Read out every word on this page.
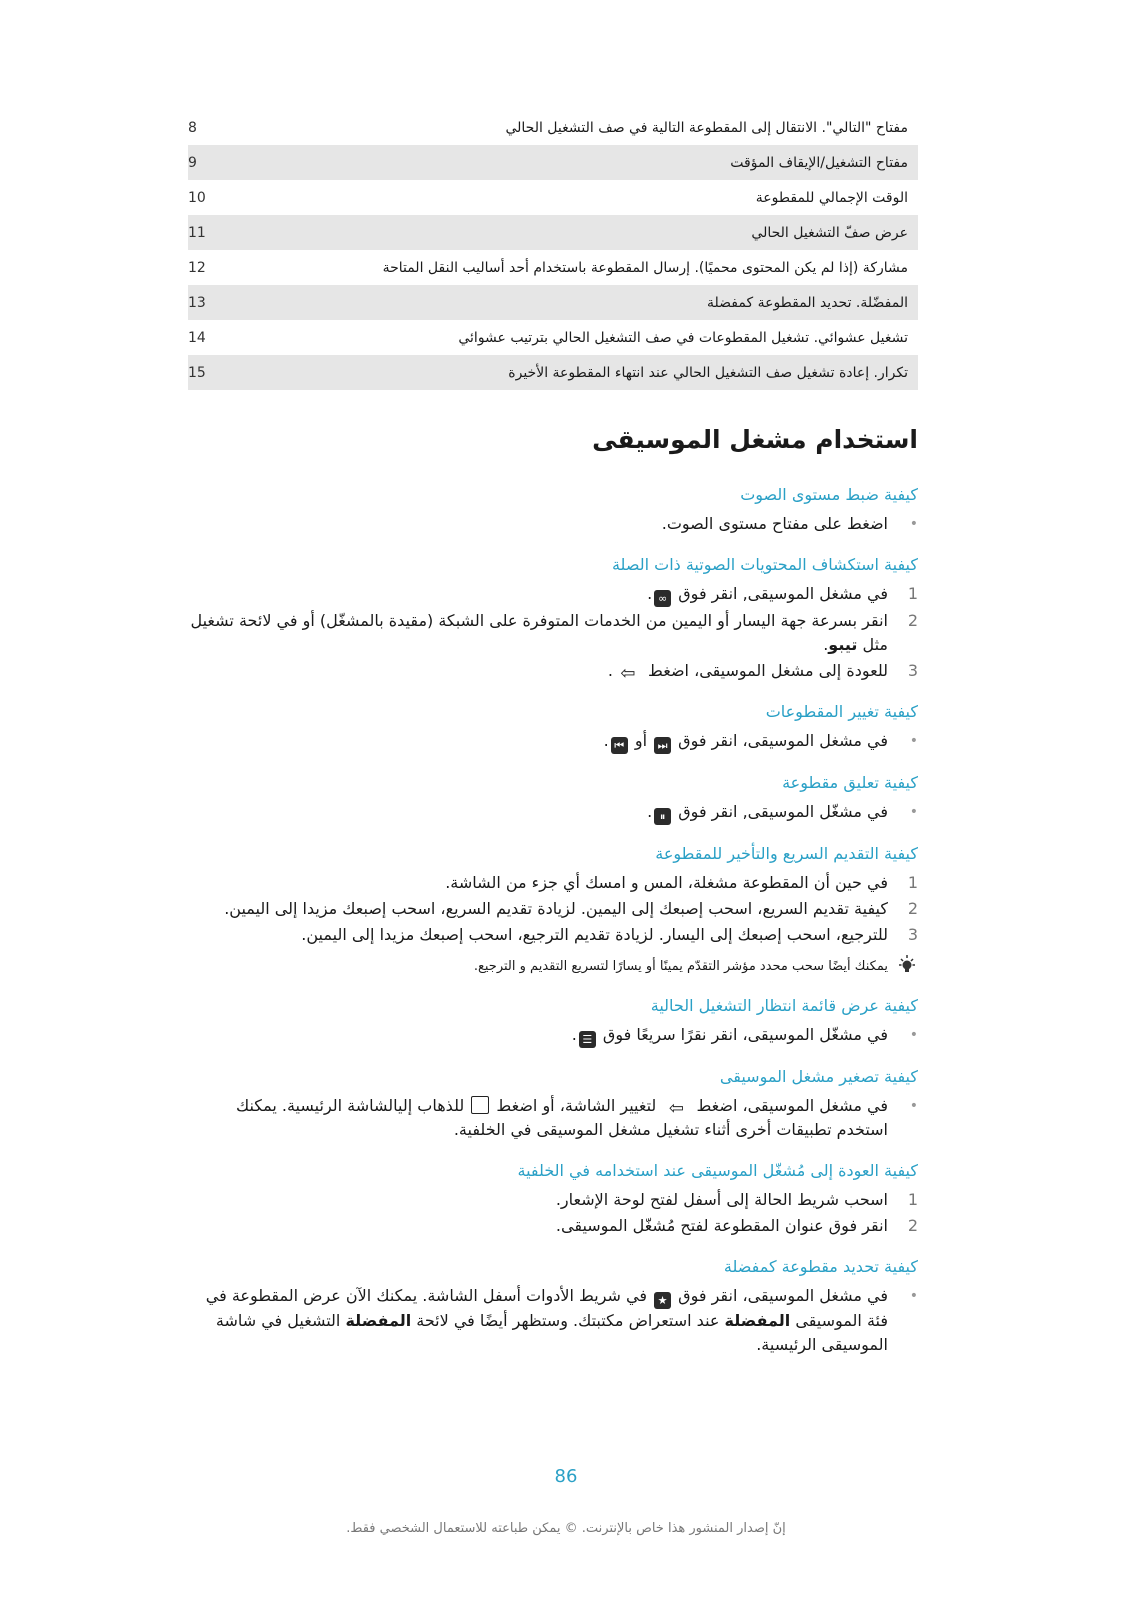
8	مفتاح "التالي". الانتقال إلى المقطوعة التالية في صف التشغيل الحالي
9	مفتاح التشغيل/الإيقاف المؤقت
10	الوقت الإجمالي للمقطوعة
11	عرض صفّ التشغيل الحالي
12	مشاركة (إذا لم يكن المحتوى محميًا). إرسال المقطوعة باستخدام أحد أساليب النقل المتاحة
13	المفضّلة. تحديد المقطوعة كمفضلة
14	تشغيل عشوائي. تشغيل المقطوعات في صف التشغيل الحالي بترتيب عشوائي
15	تكرار. إعادة تشغيل صف التشغيل الحالي عند انتهاء المقطوعة الأخيرة
استخدام مشغل الموسيقى
كيفية ضبط مستوى الصوت
•
اضغط على مفتاح مستوى الصوت.
كيفية استكشاف المحتويات الصوتية ذات الصلة
1
في مشغل الموسيقى, انقر فوق ∞.
2
انقر بسرعة جهة اليسار أو اليمين من الخدمات المتوفرة على الشبكة (مقيدة بالمشغّل) أو في لائحة تشغيل مثل تيبو.
3
للعودة إلى مشغل الموسيقى، اضغط ⇦.
كيفية تغيير المقطوعات
•
في مشغل الموسيقى، انقر فوق ⏭ أو ⏮.
كيفية تعليق مقطوعة
•
في مشغّل الموسيقى, انقر فوق ⏸.
كيفية التقديم السريع والتأخير للمقطوعة
1
في حين أن المقطوعة مشغلة، المس و امسك أي جزء من الشاشة.
2
كيفية تقديم السريع، اسحب إصبعك إلى اليمين. لزيادة تقديم السريع، اسحب إصبعك مزيدا إلى اليمين.
3
للترجيع، اسحب إصبعك إلى اليسار. لزيادة تقديم الترجيع، اسحب إصبعك مزيدا إلى اليمين.
يمكنك أيضًا سحب محدد مؤشر التقدّم يمينًا أو يسارًا لتسريع التقديم و الترجيع.
كيفية عرض قائمة انتظار التشغيل الحالية
•
في مشغّل الموسيقى، انقر نقرًا سريعًا فوق ☰.
كيفية تصغير مشغل الموسيقى
•
في مشغل الموسيقى، اضغط ⇦ لتغيير الشاشة، أو اضغط  للذهاب إليالشاشة الرئيسية. يمكنك استخدم تطبيقات أخرى أثناء تشغيل مشغل الموسيقى في الخلفية.
كيفية العودة إلى مُشغّل الموسيقى عند استخدامه في الخلفية
1
اسحب شريط الحالة إلى أسفل لفتح لوحة الإشعار.
2
انقر فوق عنوان المقطوعة لفتح مُشغّل الموسيقى.
كيفية تحديد مقطوعة كمفضلة
•
في مشغل الموسيقى، انقر فوق ★ في شريط الأدوات أسفل الشاشة. يمكنك الآن عرض المقطوعة في فئة الموسيقى المفضلة عند استعراض مكتبتك. وستظهر أيضًا في لائحة المفضلة التشغيل في شاشة الموسيقى الرئيسية.
86
إنّ إصدار المنشور هذا خاص بالإنترنت. © يمكن طباعته للاستعمال الشخصي فقط.
